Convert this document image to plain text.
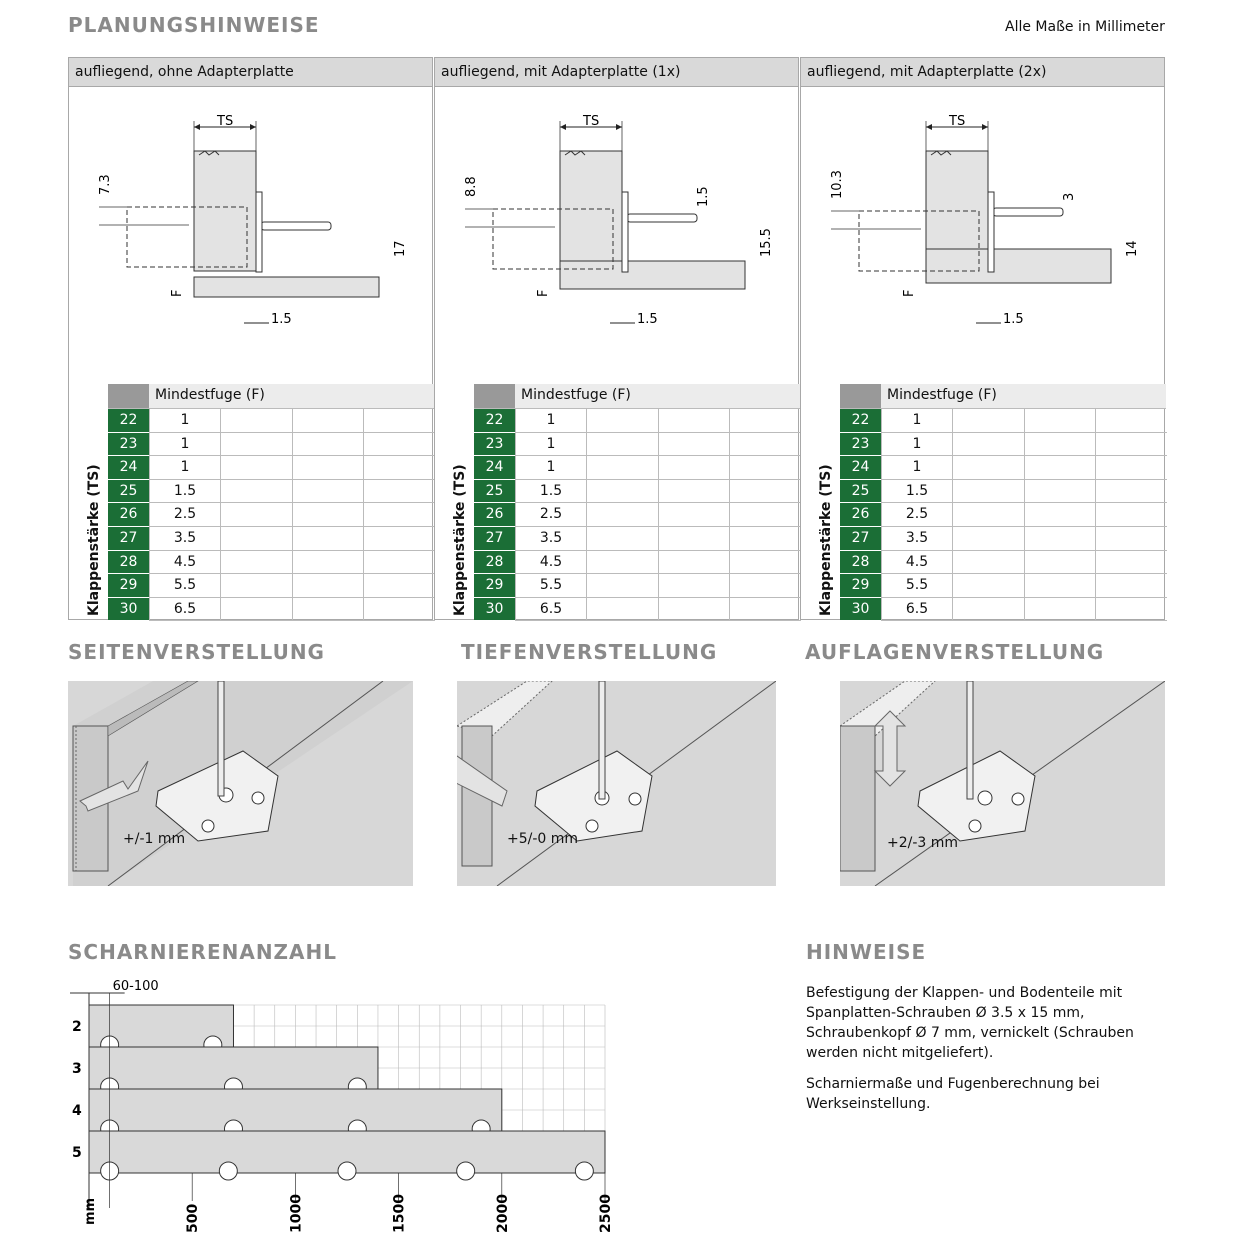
PLANUNGSHINWEISE	Alle Maße in Millimeter
aufliegend, ohne Adapterplatte
TS
7.3
F
17
1.5
Mindestfuge (F)
Klappenstärke (TS)
22	1
23	1
24	1
25	1.5
26	2.5
27	3.5
28	4.5
29	5.5
30	6.5
aufliegend, mit Adapterplatte (1x)
TS
8.8
F
15.5
1.5
1.5
Mindestfuge (F)
Klappenstärke (TS)
22	1
23	1
24	1
25	1.5
26	2.5
27	3.5
28	4.5
29	5.5
30	6.5
aufliegend, mit Adapterplatte (2x)
TS
10.3
F
14
3
1.5
Mindestfuge (F)
Klappenstärke (TS)
22	1
23	1
24	1
25	1.5
26	2.5
27	3.5
28	4.5
29	5.5
30	6.5
SEITENVERSTELLUNG	TIEFENVERSTELLUNG	AUFLAGENVERSTELLUNG
+/-1 mm	+5/-0 mm	+2/-3 mm
SCHARNIERENANZAHL
2
3
4
5
60-100
500	1000	1500	2000	2500
mm
HINWEISE
Befestigung der Klappen- und Bodenteile mit Spanplatten-Schrauben Ø 3.5 x 15 mm, Schraubenkopf Ø 7 mm, vernickelt (Schrauben werden nicht mitgeliefert).
Scharniermaße und Fugenberechnung bei Werkseinstellung.
